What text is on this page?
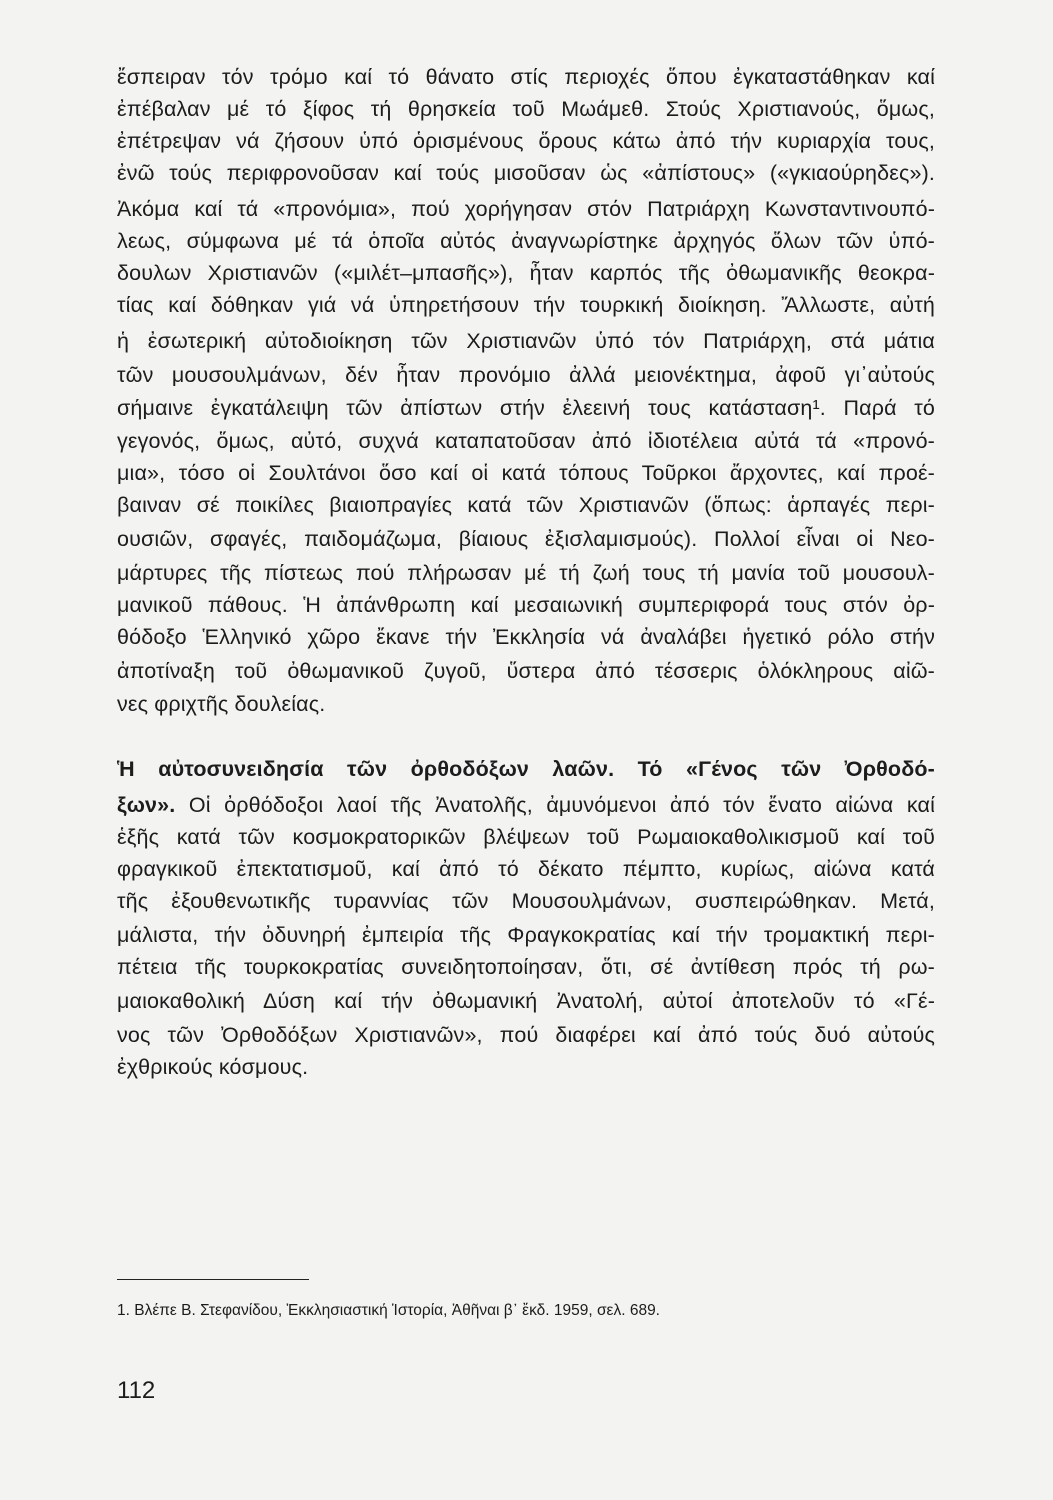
ἔσπειραν τόν τρόμο καί τό θάνατο στίς περιοχές ὅπου ἐγκαταστάθηκαν καί
ἐπέβαλαν μέ τό ξίφος τή θρησκεία τοῦ Μωάμεθ. Στούς Χριστιανούς, ὅμως,
ἐπέτρεψαν νά ζήσουν ὑπό ὁρισμένους ὅρους κάτω ἀπό τήν κυριαρχία τους,
ἐνῶ τούς περιφρονοῦσαν καί τούς μισοῦσαν ὡς «ἀπίστους» («γκιαούρηδες»).
Ἀκόμα καί τά «προνόμια», πού χορήγησαν στόν Πατριάρχη Κωνσταντινουπό-
λεως, σύμφωνα μέ τά ὁποῖα αὐτός ἀναγνωρίστηκε ἀρχηγός ὅλων τῶν ὑπό-
δουλων Χριστιανῶν («μιλέτ–μπασῆς»), ἦταν καρπός τῆς ὀθωμανικῆς θεοκρα-
τίας καί δόθηκαν γιά νά ὑπηρετήσουν τήν τουρκική διοίκηση. Ἄλλωστε, αὐτή
ἡ ἐσωτερική αὐτοδιοίκηση τῶν Χριστιανῶν ὑπό τόν Πατριάρχη, στά μάτια
τῶν μουσουλμάνων, δέν ἦταν προνόμιο ἀλλά μειονέκτημα, ἀφοῦ γι᾽αὐτούς
σήμαινε ἐγκατάλειψη τῶν ἀπίστων στήν ἐλεεινή τους κατάσταση¹. Παρά τό
γεγονός, ὅμως, αὐτό, συχνά καταπατοῦσαν ἀπό ἰδιοτέλεια αὐτά τά «προνό-
μια», τόσο οἱ Σουλτάνοι ὅσο καί οἱ κατά τόπους Τοῦρκοι ἄρχοντες, καί προέ-
βαιναν σέ ποικίλες βιαιοπραγίες κατά τῶν Χριστιανῶν (ὅπως: ἁρπαγές περι-
ουσιῶν, σφαγές, παιδομάζωμα, βίαιους ἐξισλαμισμούς). Πολλοί εἶναι οἱ Νεο-
μάρτυρες τῆς πίστεως πού πλήρωσαν μέ τή ζωή τους τή μανία τοῦ μουσουλ-
μανικοῦ πάθους. Ἡ ἀπάνθρωπη καί μεσαιωνική συμπεριφορά τους στόν ὀρ-
θόδοξο Ἑλληνικό χῶρο ἔκανε τήν Ἐκκλησία νά ἀναλάβει ἡγετικό ρόλο στήν
ἀποτίναξη τοῦ ὀθωμανικοῦ ζυγοῦ, ὕστερα ἀπό τέσσερις ὁλόκληρους αἰῶ-
νες φριχτῆς δουλείας.
Ἡ αὐτοσυνειδησία τῶν ὀρθοδόξων λαῶν. Τό «Γένος τῶν Ὀρθοδό-
ξων». Οἱ ὀρθόδοξοι λαοί τῆς Ἀνατολῆς, ἀμυνόμενοι ἀπό τόν ἔνατο αἰώνα καί
ἑξῆς κατά τῶν κοσμοκρατορικῶν βλέψεων τοῦ Ρωμαιοκαθολικισμοῦ καί τοῦ
φραγκικοῦ ἐπεκτατισμοῦ, καί ἀπό τό δέκατο πέμπτο, κυρίως, αἰώνα κατά
τῆς ἐξουθενωτικῆς τυραννίας τῶν Μουσουλμάνων, συσπειρώθηκαν. Μετά,
μάλιστα, τήν ὀδυνηρή ἐμπειρία τῆς Φραγκοκρατίας καί τήν τρομακτική περι-
πέτεια τῆς τουρκοκρατίας συνειδητοποίησαν, ὅτι, σέ ἀντίθεση πρός τή ρω-
μαιοκαθολική Δύση καί τήν ὀθωμανική Ἀνατολή, αὐτοί ἀποτελοῦν τό «Γέ-
νος τῶν Ὀρθοδόξων Χριστιανῶν», πού διαφέρει καί ἀπό τούς δυό αὐτούς
ἐχθρικούς κόσμους.
1. Βλέπε Β. Στεφανίδου, Ἐκκλησιαστική Ἱστορία, Ἀθῆναι β᾽ ἔκδ. 1959, σελ. 689.
112
